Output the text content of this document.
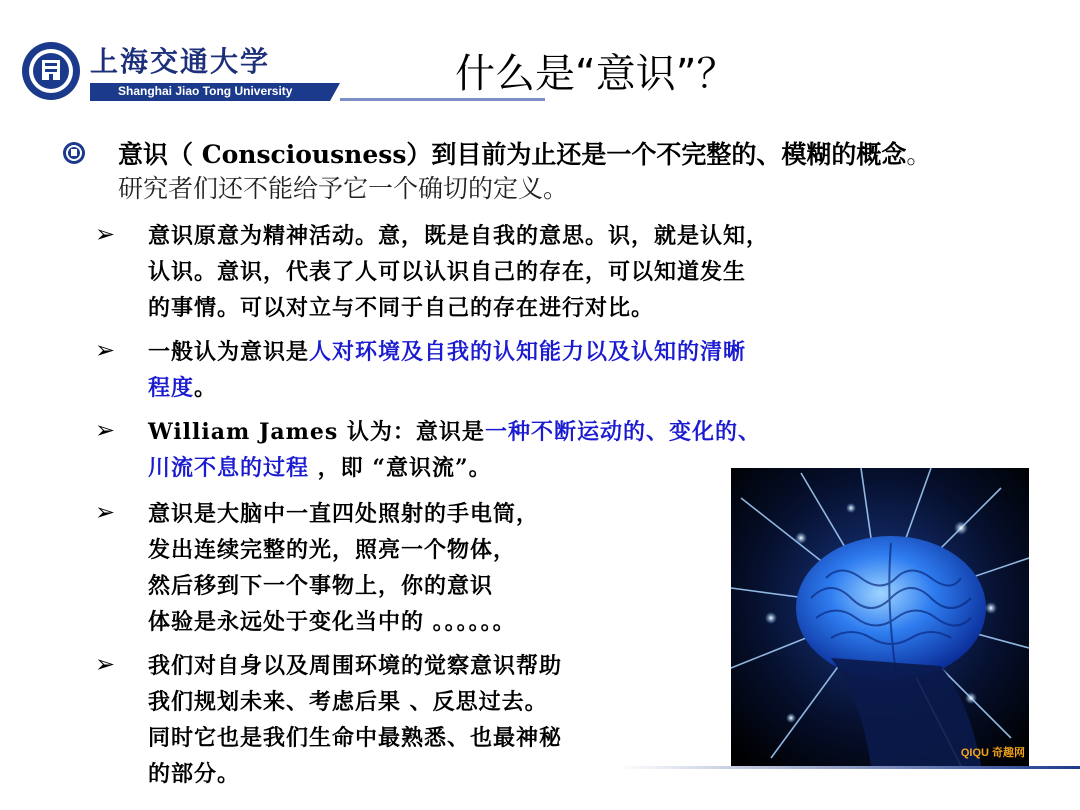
上海交通大学
Shanghai Jiao Tong University	什么是“意识”？
意识（ Consciousness）到目前为止还是一个不完整的、模糊的概念。研究者们还不能给予它一个确切的定义。
➢ 意识原意为精神活动。意，既是自我的意思。识，就是认知，
认识。意识，代表了人可以认识自己的存在，可以知道发生
的事情。可以对立与不同于自己的存在进行对比。
➢ 一般认为意识是人对环境及自我的认知能力以及认知的清晰
程度。
➢ William James 认为：意识是一种不断运动的、变化的、
川流不息的过程 ，即 “意识流”。
➢ 意识是大脑中一直四处照射的手电筒，
发出连续完整的光，照亮一个物体，
然后移到下一个事物上，你的意识
体验是永远处于变化当中的 。。。。。。
➢ 我们对自身以及周围环境的觉察意识帮助
我们规划未来、考虑后果 、反思过去。
同时它也是我们生命中最熟悉、也最神秘
的部分。
QIQU 奇趣网
